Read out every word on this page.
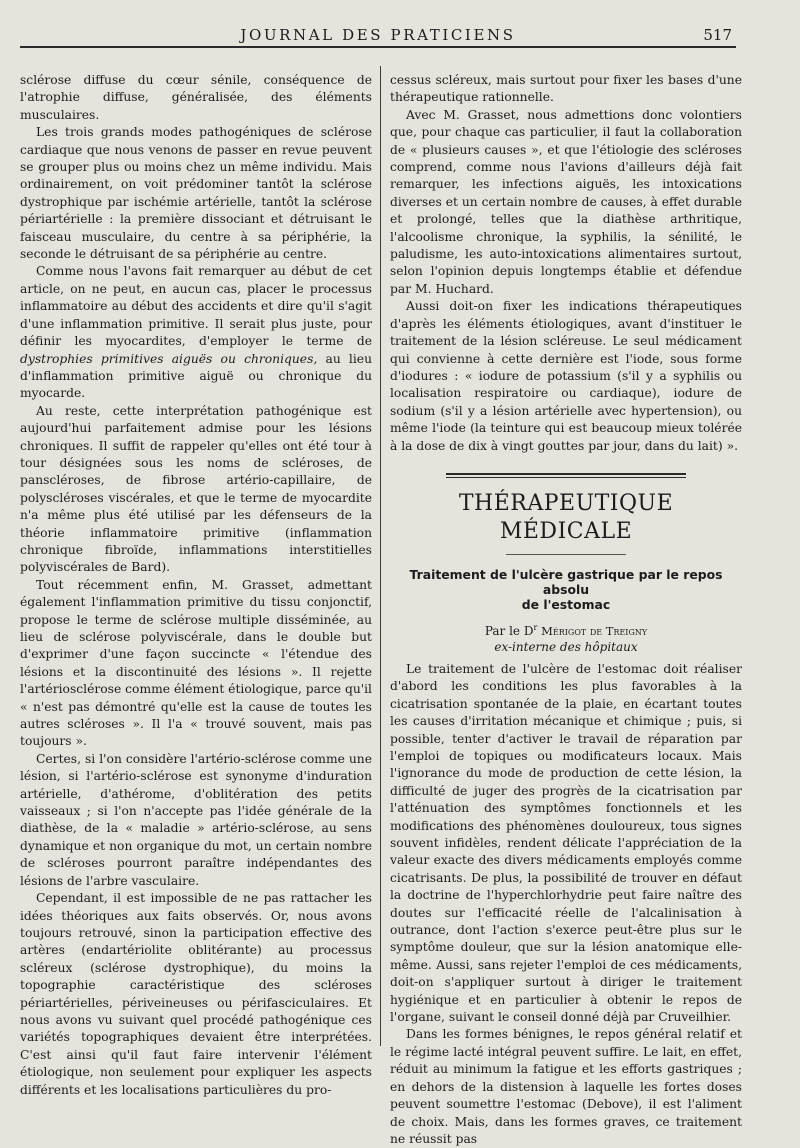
JOURNAL DES PRATICIENS	517

sclérose diffuse du cœur sénile, conséquence de l'atrophie diffuse, généralisée, des éléments musculaires.

Les trois grands modes pathogéniques de sclérose cardiaque que nous venons de passer en revue peuvent se grouper plus ou moins chez un même individu. Mais ordinairement, on voit prédominer tantôt la sclérose dystrophique par ischémie artérielle, tantôt la sclérose périartérielle : la première dissociant et détruisant le faisceau musculaire, du centre à sa périphérie, la seconde le détruisant de sa périphérie au centre.

Comme nous l'avons fait remarquer au début de cet article, on ne peut, en aucun cas, placer le processus inflammatoire au début des accidents et dire qu'il s'agit d'une inflammation primitive. Il serait plus juste, pour définir les myocardites, d'employer le terme de dystrophies primitives aiguës ou chroniques, au lieu d'inflammation primitive aiguë ou chronique du myocarde.

Au reste, cette interprétation pathogénique est aujourd'hui parfaitement admise pour les lésions chroniques. Il suffit de rappeler qu'elles ont été tour à tour désignées sous les noms de scléroses, de panscléroses, de fibrose artério-capillaire, de polyscléroses viscérales, et que le terme de myocardite n'a même plus été utilisé par les défenseurs de la théorie inflammatoire primitive (inflammation chronique fibroïde, inflammations interstitielles polyviscérales de Bard).

Tout récemment enfin, M. Grasset, admettant également l'inflammation primitive du tissu conjonctif, propose le terme de sclérose multiple disséminée, au lieu de sclérose polyviscérale, dans le double but d'exprimer d'une façon succincte « l'étendue des lésions et la discontinuité des lésions ». Il rejette l'artériosclérose comme élément étiologique, parce qu'il « n'est pas démontré qu'elle est la cause de toutes les autres scléroses ». Il l'a « trouvé souvent, mais pas toujours ».

Certes, si l'on considère l'artério-sclérose comme une lésion, si l'artério-sclérose est synonyme d'induration artérielle, d'athérome, d'oblitération des petits vaisseaux ; si l'on n'accepte pas l'idée générale de la diathèse, de la « maladie » artério-sclérose, au sens dynamique et non organique du mot, un certain nombre de scléroses pourront paraître indépendantes des lésions de l'arbre vasculaire.

Cependant, il est impossible de ne pas rattacher les idées théoriques aux faits observés. Or, nous avons toujours retrouvé, sinon la participation effective des artères (endartériolite oblitérante) au processus scléreux (sclérose dystrophique), du moins la topographie caractéristique des scléroses périartérielles, périveineuses ou périfasciculaires. Et nous avons vu suivant quel procédé pathogénique ces variétés topographiques devaient être interprétées. C'est ainsi qu'il faut faire intervenir l'élément étiologique, non seulement pour expliquer les aspects différents et les localisations particulières du pro-

cessus scléreux, mais surtout pour fixer les bases d'une thérapeutique rationnelle.

Avec M. Grasset, nous admettions donc volontiers que, pour chaque cas particulier, il faut la collaboration de « plusieurs causes », et que l'étiologie des scléroses comprend, comme nous l'avions d'ailleurs déjà fait remarquer, les infections aiguës, les intoxications diverses et un certain nombre de causes, à effet durable et prolongé, telles que la diathèse arthritique, l'alcoolisme chronique, la syphilis, la sénilité, le paludisme, les auto-intoxications alimentaires surtout, selon l'opinion depuis longtemps établie et défendue par M. Huchard.

Aussi doit-on fixer les indications thérapeutiques d'après les éléments étiologiques, avant d'instituer le traitement de la lésion scléreuse. Le seul médicament qui convienne à cette dernière est l'iode, sous forme d'iodures : « iodure de potassium (s'il y a syphilis ou localisation respiratoire ou cardiaque), iodure de sodium (s'il y a lésion artérielle avec hypertension), ou même l'iode (la teinture qui est beaucoup mieux tolérée à la dose de dix à vingt gouttes par jour, dans du lait) ».

THÉRAPEUTIQUE MÉDICALE
Traitement de l'ulcère gastrique par le repos absolu
de l'estomac
Par le $D^r$ Mérigot de Treigny
ex-interne des hôpitaux

Le traitement de l'ulcère de l'estomac doit réaliser d'abord les conditions les plus favorables à la cicatrisation spontanée de la plaie, en écartant toutes les causes d'irritation mécanique et chimique ; puis, si possible, tenter d'activer le travail de réparation par l'emploi de topiques ou modificateurs locaux. Mais l'ignorance du mode de production de cette lésion, la difficulté de juger des progrès de la cicatrisation par l'atténuation des symptômes fonctionnels et les modifications des phénomènes douloureux, tous signes souvent infidèles, rendent délicate l'appréciation de la valeur exacte des divers médicaments employés comme cicatrisants. De plus, la possibilité de trouver en défaut la doctrine de l'hyperchlorhydrie peut faire naître des doutes sur l'efficacité réelle de l'alcalinisation à outrance, dont l'action s'exerce peut-être plus sur le symptôme douleur, que sur la lésion anatomique elle-même. Aussi, sans rejeter l'emploi de ces médicaments, doit-on s'appliquer surtout à diriger le traitement hygiénique et en particulier à obtenir le repos de l'organe, suivant le conseil donné déjà par Cruveilhier.

Dans les formes bénignes, le repos général relatif et le régime lacté intégral peuvent suffire. Le lait, en effet, réduit au minimum la fatigue et les efforts gastriques ; en dehors de la distension à laquelle les fortes doses peuvent soumettre l'estomac (Debove), il est l'aliment de choix. Mais, dans les formes graves, ce traitement ne réussit pas
